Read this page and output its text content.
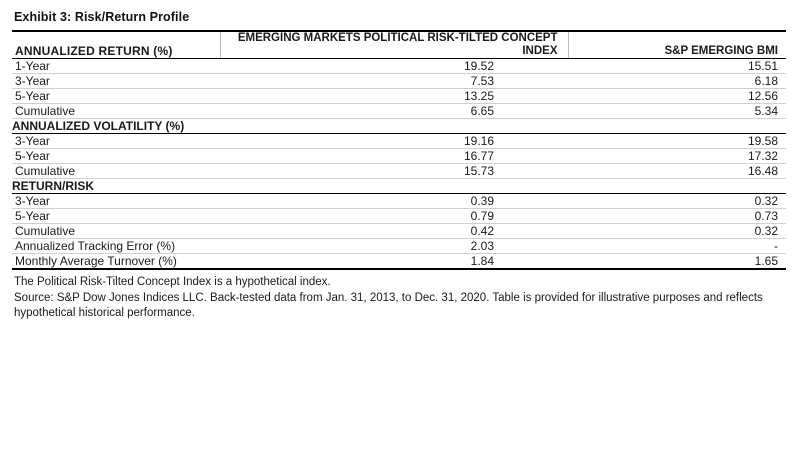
Exhibit 3: Risk/Return Profile
ANNUALIZED RETURN (%)	EMERGING MARKETS POLITICAL RISK-TILTED CONCEPT INDEX	S&P EMERGING BMI
1-Year	19.52	15.51
3-Year	7.53	6.18
5-Year	13.25	12.56
Cumulative	6.65	5.34
ANNUALIZED VOLATILITY (%)		
3-Year	19.16	19.58
5-Year	16.77	17.32
Cumulative	15.73	16.48
RETURN/RISK		
3-Year	0.39	0.32
5-Year	0.79	0.73
Cumulative	0.42	0.32
Annualized Tracking Error (%)	2.03	-
Monthly Average Turnover (%)	1.84	1.65
The Political Risk-Tilted Concept Index is a hypothetical index.
Source: S&P Dow Jones Indices LLC. Back-tested data from Jan. 31, 2013, to Dec. 31, 2020. Table is provided for illustrative purposes and reflects hypothetical historical performance.
